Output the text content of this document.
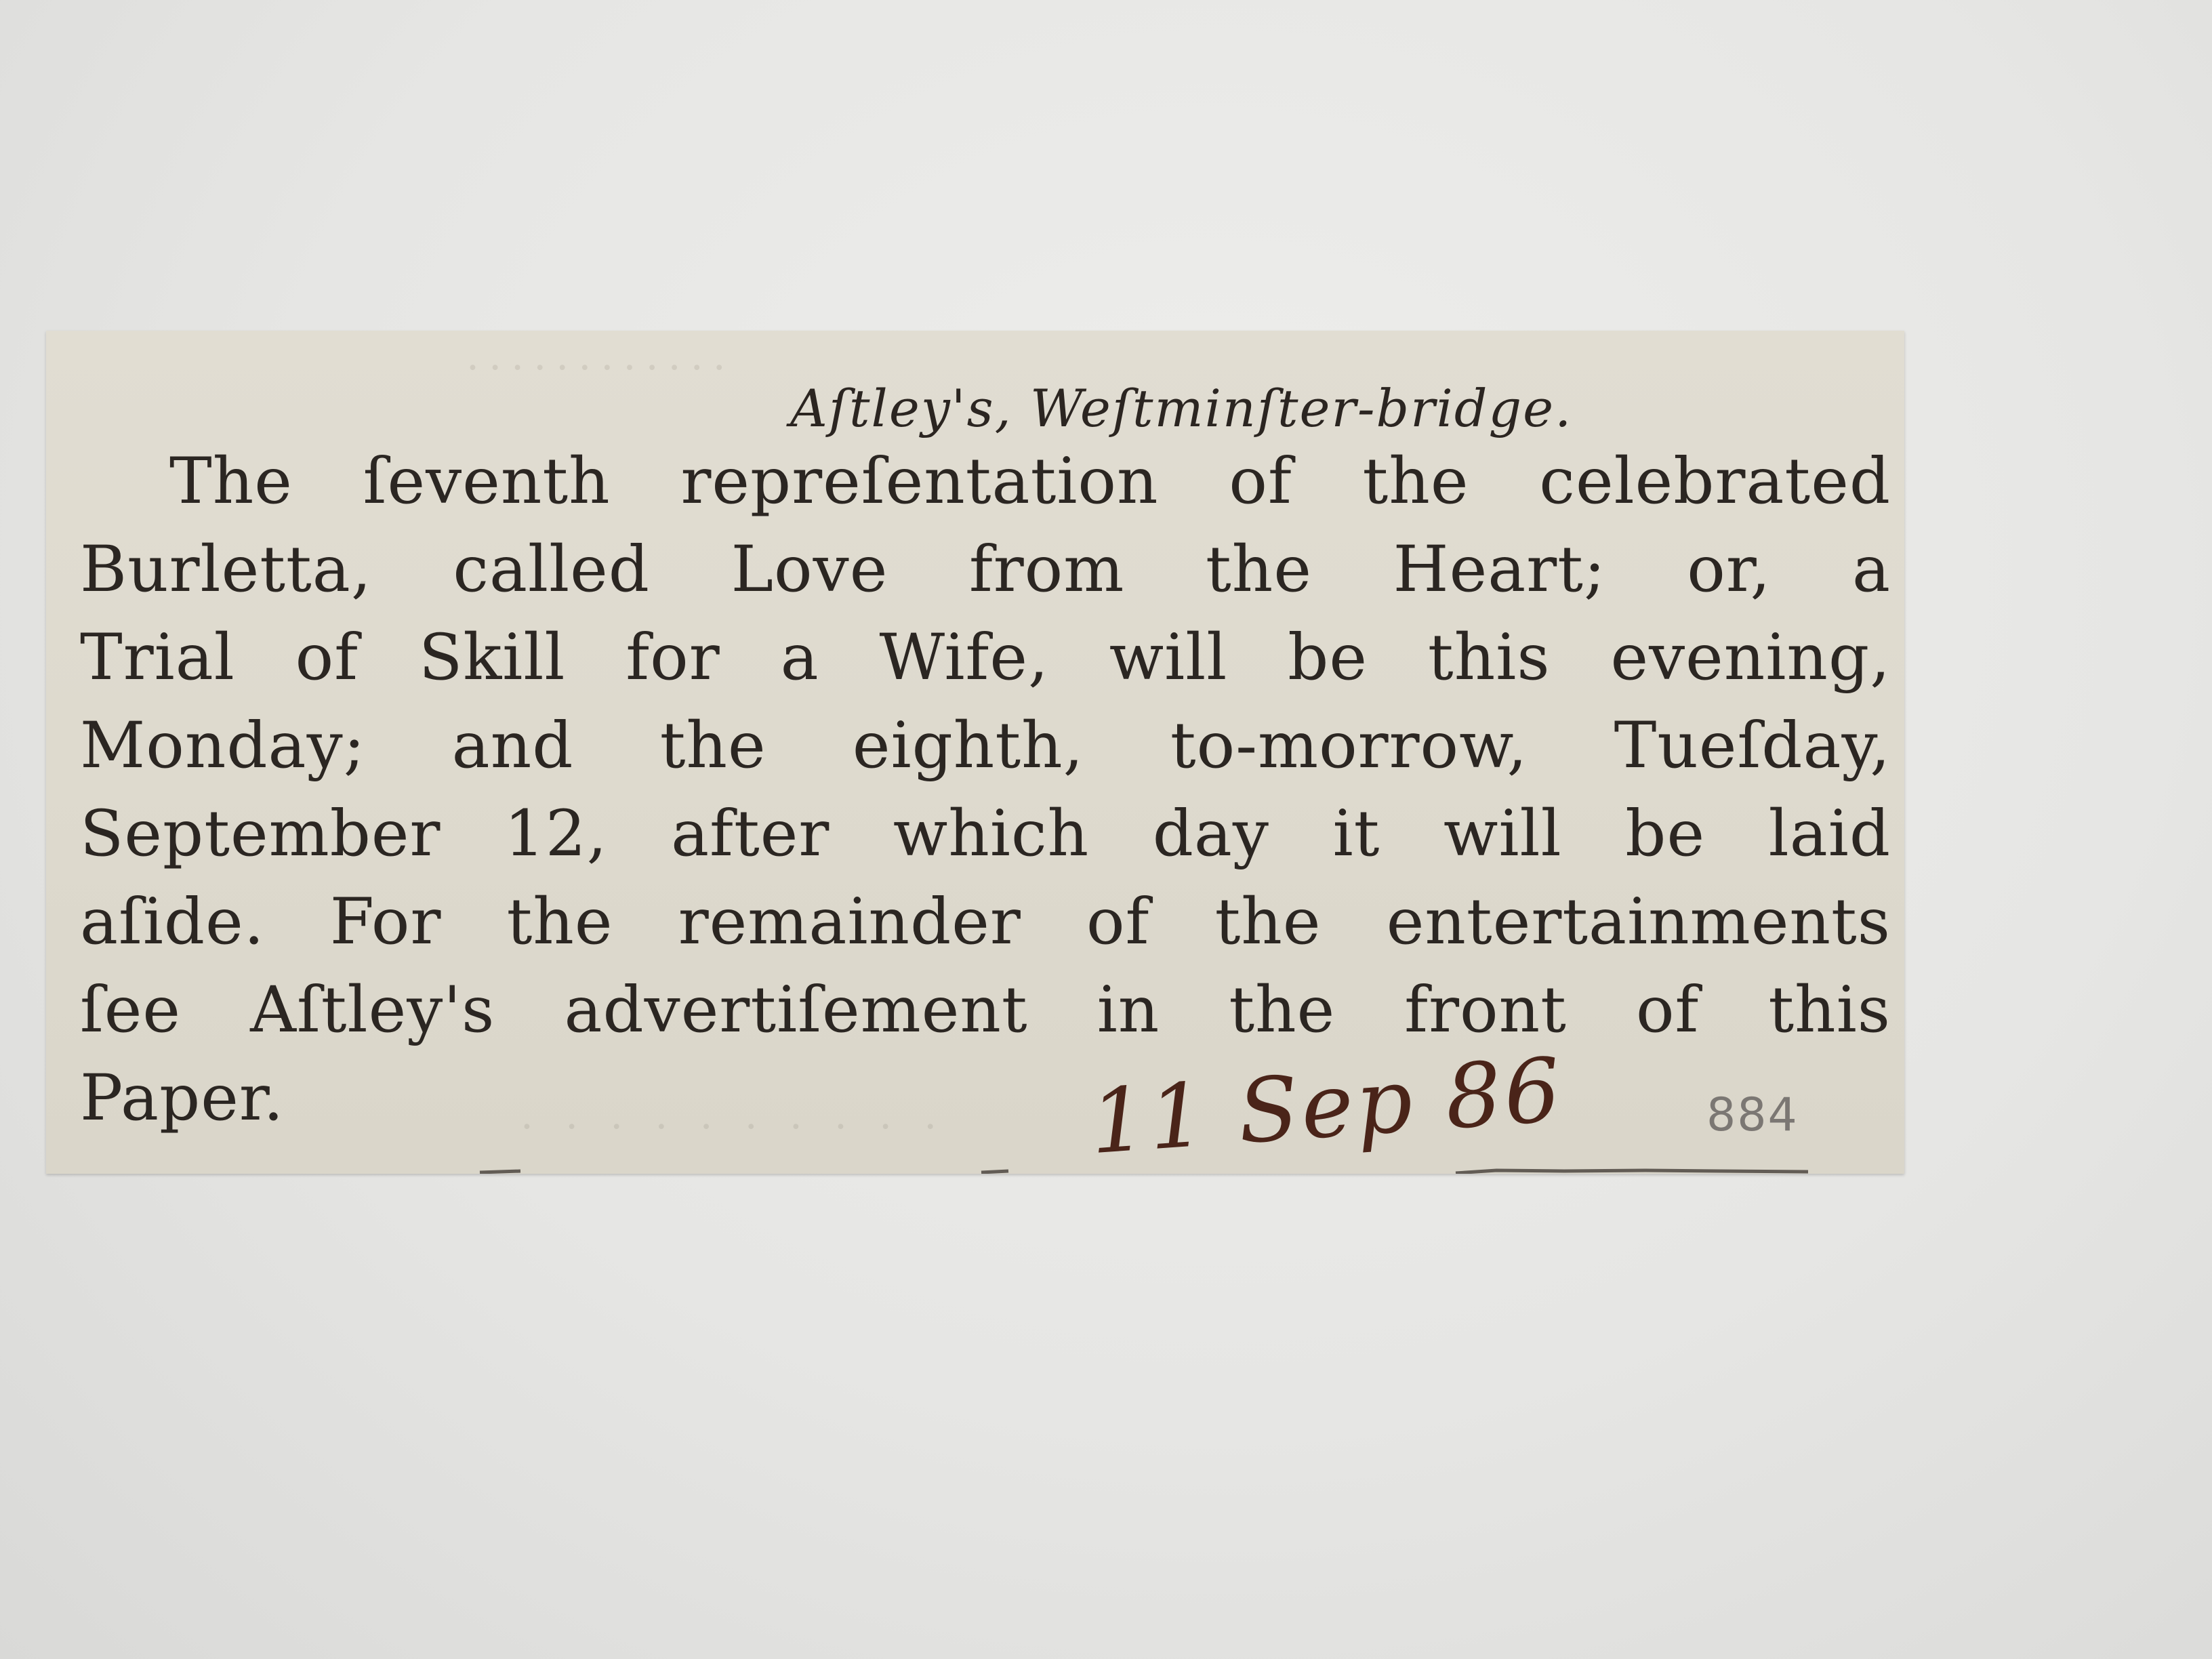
············
· · · · · · · · · ·
Aſtley's, Weſtminſter-bridge.
The ſeventh repreſentation of the celebrated
Burletta, called Love from the Heart; or, a
Trial of Skill for a Wife, will be this evening,
Monday; and the eighth, to-morrow, Tueſday,
September 12, after which day it will be laid
aſide. For the remainder of the entertainments
ſee Aſtley's advertiſement in the front of this
Paper.	11 Sep 86	884
